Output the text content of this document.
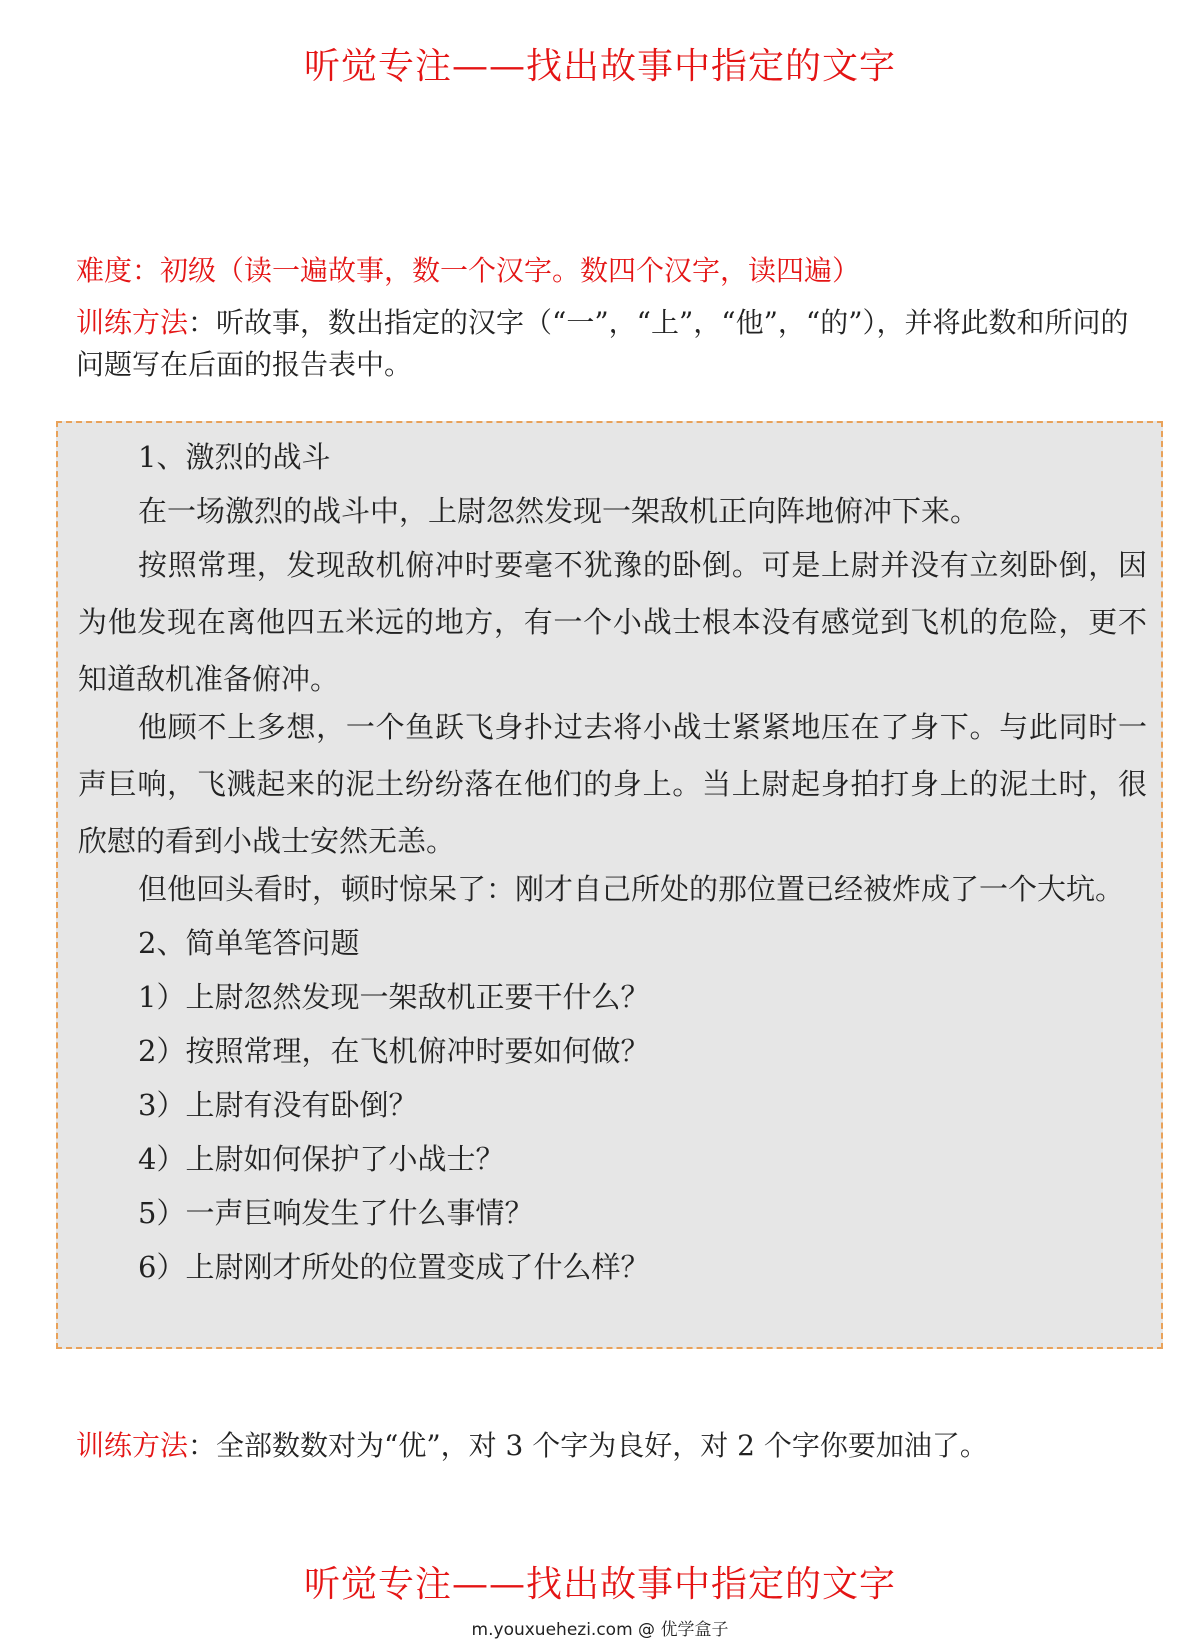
听觉专注——找出故事中指定的文字
难度：初级（读一遍故事，数一个汉字。数四个汉字，读四遍）
训练方法：听故事，数出指定的汉字（“一”，“上”，“他”，“的”），并将此数和所问的问题写在后面的报告表中。

1、激烈的战斗

在一场激烈的战斗中，上尉忽然发现一架敌机正向阵地俯冲下来。

按照常理，发现敌机俯冲时要毫不犹豫的卧倒。可是上尉并没有立刻卧倒，因为他发现在离他四五米远的地方，有一个小战士根本没有感觉到飞机的危险，更不知道敌机准备俯冲。

他顾不上多想，一个鱼跃飞身扑过去将小战士紧紧地压在了身下。与此同时一声巨响，飞溅起来的泥土纷纷落在他们的身上。当上尉起身拍打身上的泥土时，很欣慰的看到小战士安然无恙。

但他回头看时，顿时惊呆了：刚才自己所处的那位置已经被炸成了一个大坑。

2、简单笔答问题

1）上尉忽然发现一架敌机正要干什么？

2）按照常理，在飞机俯冲时要如何做？

3）上尉有没有卧倒？

4）上尉如何保护了小战士？

5）一声巨响发生了什么事情？

6）上尉刚才所处的位置变成了什么样？

训练方法：全部数数对为“优”，对 3 个字为良好，对 2 个字你要加油了。
听觉专注——找出故事中指定的文字
m.youxuehezi.com @ 优学盒子
